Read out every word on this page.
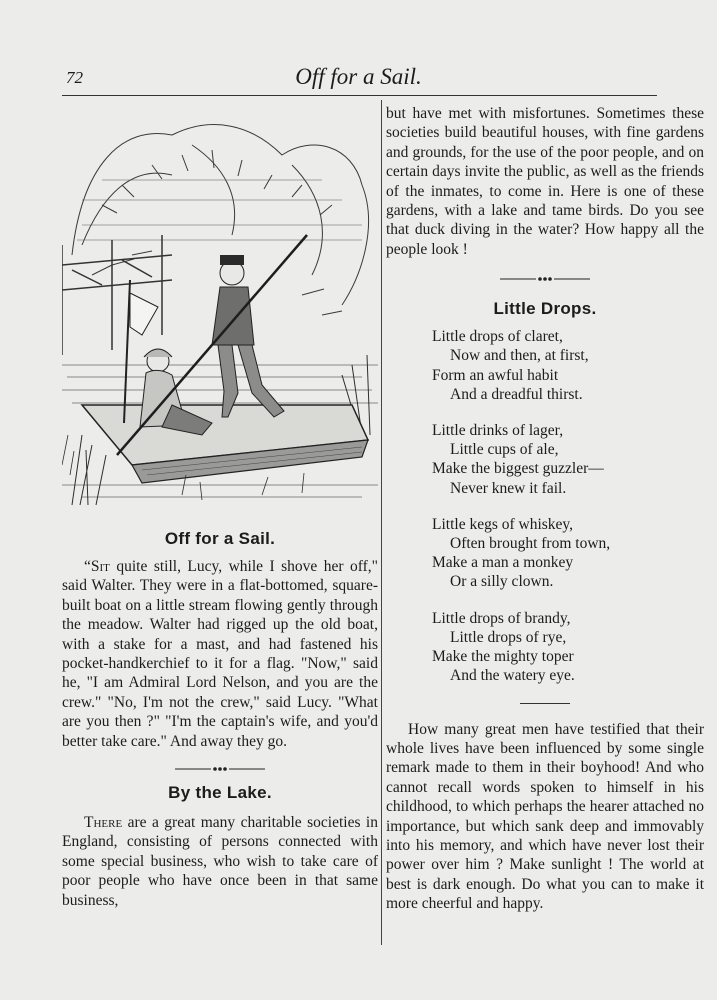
72	Off for a Sail.
Off for a Sail.

“Sit quite still, Lucy, while I shove her off," said Walter. They were in a flat-bottomed, square-built boat on a little stream flowing gently through the meadow. Walter had rigged up the old boat, with a stake for a mast, and had fastened his pocket-handkerchief to it for a flag. "Now," said he, "I am Admiral Lord Nelson, and you are the crew." "No, I'm not the crew," said Lucy. "What are you then ?" "I'm the captain's wife, and you'd better take care." And away they go.

By the Lake.

There are a great many charitable societies in England, consisting of persons connected with some special business, who wish to take care of poor people who have once been in that same business,

but have met with misfortunes. Sometimes these societies build beautiful houses, with fine gardens and grounds, for the use of the poor people, and on certain days invite the public, as well as the friends of the inmates, to come in. Here is one of these gardens, with a lake and tame birds. Do you see that duck diving in the water? How happy all the people look !

Little Drops.
Little drops of claret,
Now and then, at first,
Form an awful habit
And a dreadful thirst.
Little drinks of lager,
Little cups of ale,
Make the biggest guzzler—
Never knew it fail.
Little kegs of whiskey,
Often brought from town,
Make a man a monkey
Or a silly clown.
Little drops of brandy,
Little drops of rye,
Make the mighty toper
And the watery eye.

How many great men have testified that their whole lives have been influenced by some single remark made to them in their boyhood! And who cannot recall words spoken to himself in his childhood, to which perhaps the hearer attached no importance, but which sank deep and immovably into his memory, and which have never lost their power over him ? Make sunlight ! The world at best is dark enough. Do what you can to make it more cheerful and happy.
